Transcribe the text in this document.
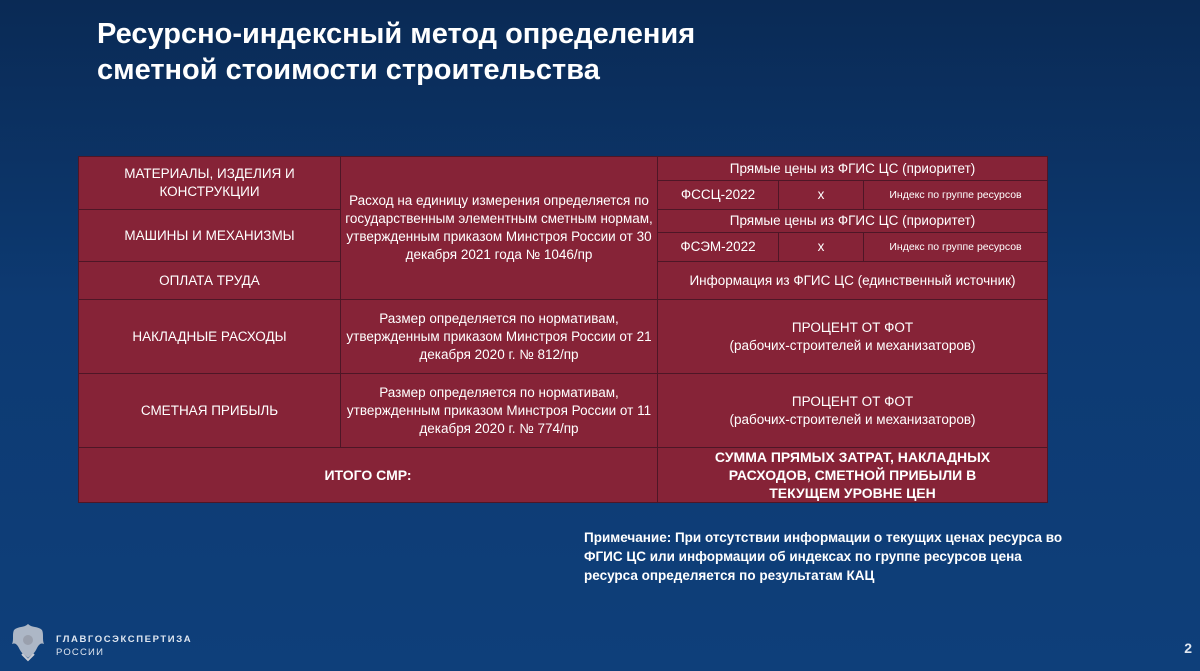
Ресурсно-индексный метод определения
сметной стоимости строительства
МАТЕРИАЛЫ, ИЗДЕЛИЯ И КОНСТРУКЦИИ	Расход на единицу измерения определяется по государственным элементным сметным нормам, утвержденным приказом Минстроя России от 30 декабря 2021 года № 1046/пр	Прямые цены из ФГИС ЦС (приоритет)		
		ФССЦ-2022	х	Индекс по группе ресурсов
МАШИНЫ И МЕХАНИЗМЫ		Прямые цены из ФГИС ЦС (приоритет)		
		ФСЭМ-2022	х	Индекс по группе ресурсов
ОПЛАТА ТРУДА		Информация из ФГИС ЦС (единственный источник)		
НАКЛАДНЫЕ РАСХОДЫ	Размер определяется по нормативам, утвержденным приказом Минстроя России от 21 декабря 2020 г. № 812/пр	ПРОЦЕНТ ОТ ФОТ
(рабочих-строителей и механизаторов)		

СМЕТНАЯ ПРИБЫЛЬ	Размер определяется по нормативам, утвержденным приказом Минстроя России от 11 декабря 2020 г. № 774/пр	ПРОЦЕНТ ОТ ФОТ
(рабочих-строителей и механизаторов)		

ИТОГО СМР:		СУММА ПРЯМЫХ ЗАТРАТ, НАКЛАДНЫХ РАСХОДОВ, СМЕТНОЙ ПРИБЫЛИ В ТЕКУЩЕМ УРОВНЕ ЦЕН		
Примечание: При отсутствии информации о текущих ценах ресурса во ФГИС ЦС или информации об индексах по группе ресурсов цена ресурса определяется по результатам КАЦ
ГЛАВГОСЭКСПЕРТИЗА
РОССИИ	2
